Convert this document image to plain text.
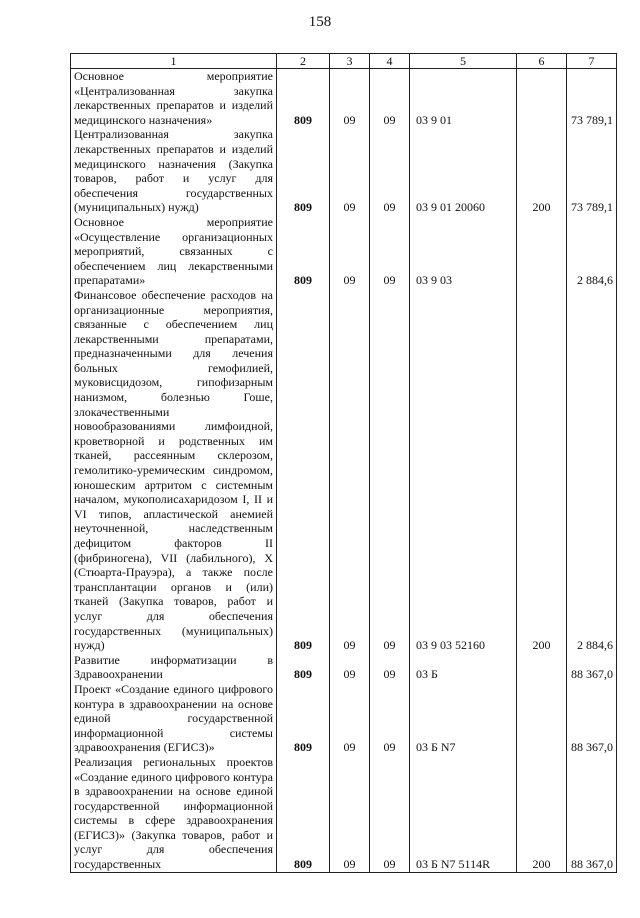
158
1	2	3	4	5	6	7
Основное мероприятие «Централизованная закупка лекарственных препаратов и изделий медицинского назначения»	809	09	09	03 9 01		73 789,1
Централизованная закупка лекарственных препаратов и изделий медицинского назначения (Закупка товаров, работ и услуг для обеспечения государственных (муниципальных) нужд)	809	09	09	03 9 01 20060	200	73 789,1
Основное мероприятие «Осуществление организационных мероприятий, связанных с обеспечением лиц лекарственными препаратами»	809	09	09	03 9 03		2 884,6
Финансовое обеспечение расходов на организационные мероприятия, связанные с обеспечением лиц лекарственными препаратами, предназначенными для лечения больных гемофилией, муковисцидозом, гипофизарным нанизмом, болезнью Гоше, злокачественными новообразованиями лимфоидной, кроветворной и родственных им тканей, рассеянным склерозом, гемолитико-уремическим синдромом, юношеским артритом с системным началом, мукополисахаридозом I, II и VI типов, апластической анемией неуточненной, наследственным дефицитом факторов II (фибриногена), VII (лабильного), X (Стюарта-Прауэра), а также после трансплантации органов и (или) тканей (Закупка товаров, работ и услуг для обеспечения государственных (муниципальных) нужд)	809	09	09	03 9 03 52160	200	2 884,6
Развитие информатизации в Здравоохранении	809	09	09	03 Б		88 367,0
Проект «Создание единого цифрового контура в здравоохранении на основе единой государственной информационной системы здравоохранения (ЕГИСЗ)»	809	09	09	03 Б N7		88 367,0
Реализация региональных проектов «Создание единого цифрового контура в здравоохранении на основе единой государственной информационной системы в сфере здравоохранения (ЕГИСЗ)» (Закупка товаров, работ и услуг для обеспечения государственных	809	09	09	03 Б N7 5114R	200	88 367,0
